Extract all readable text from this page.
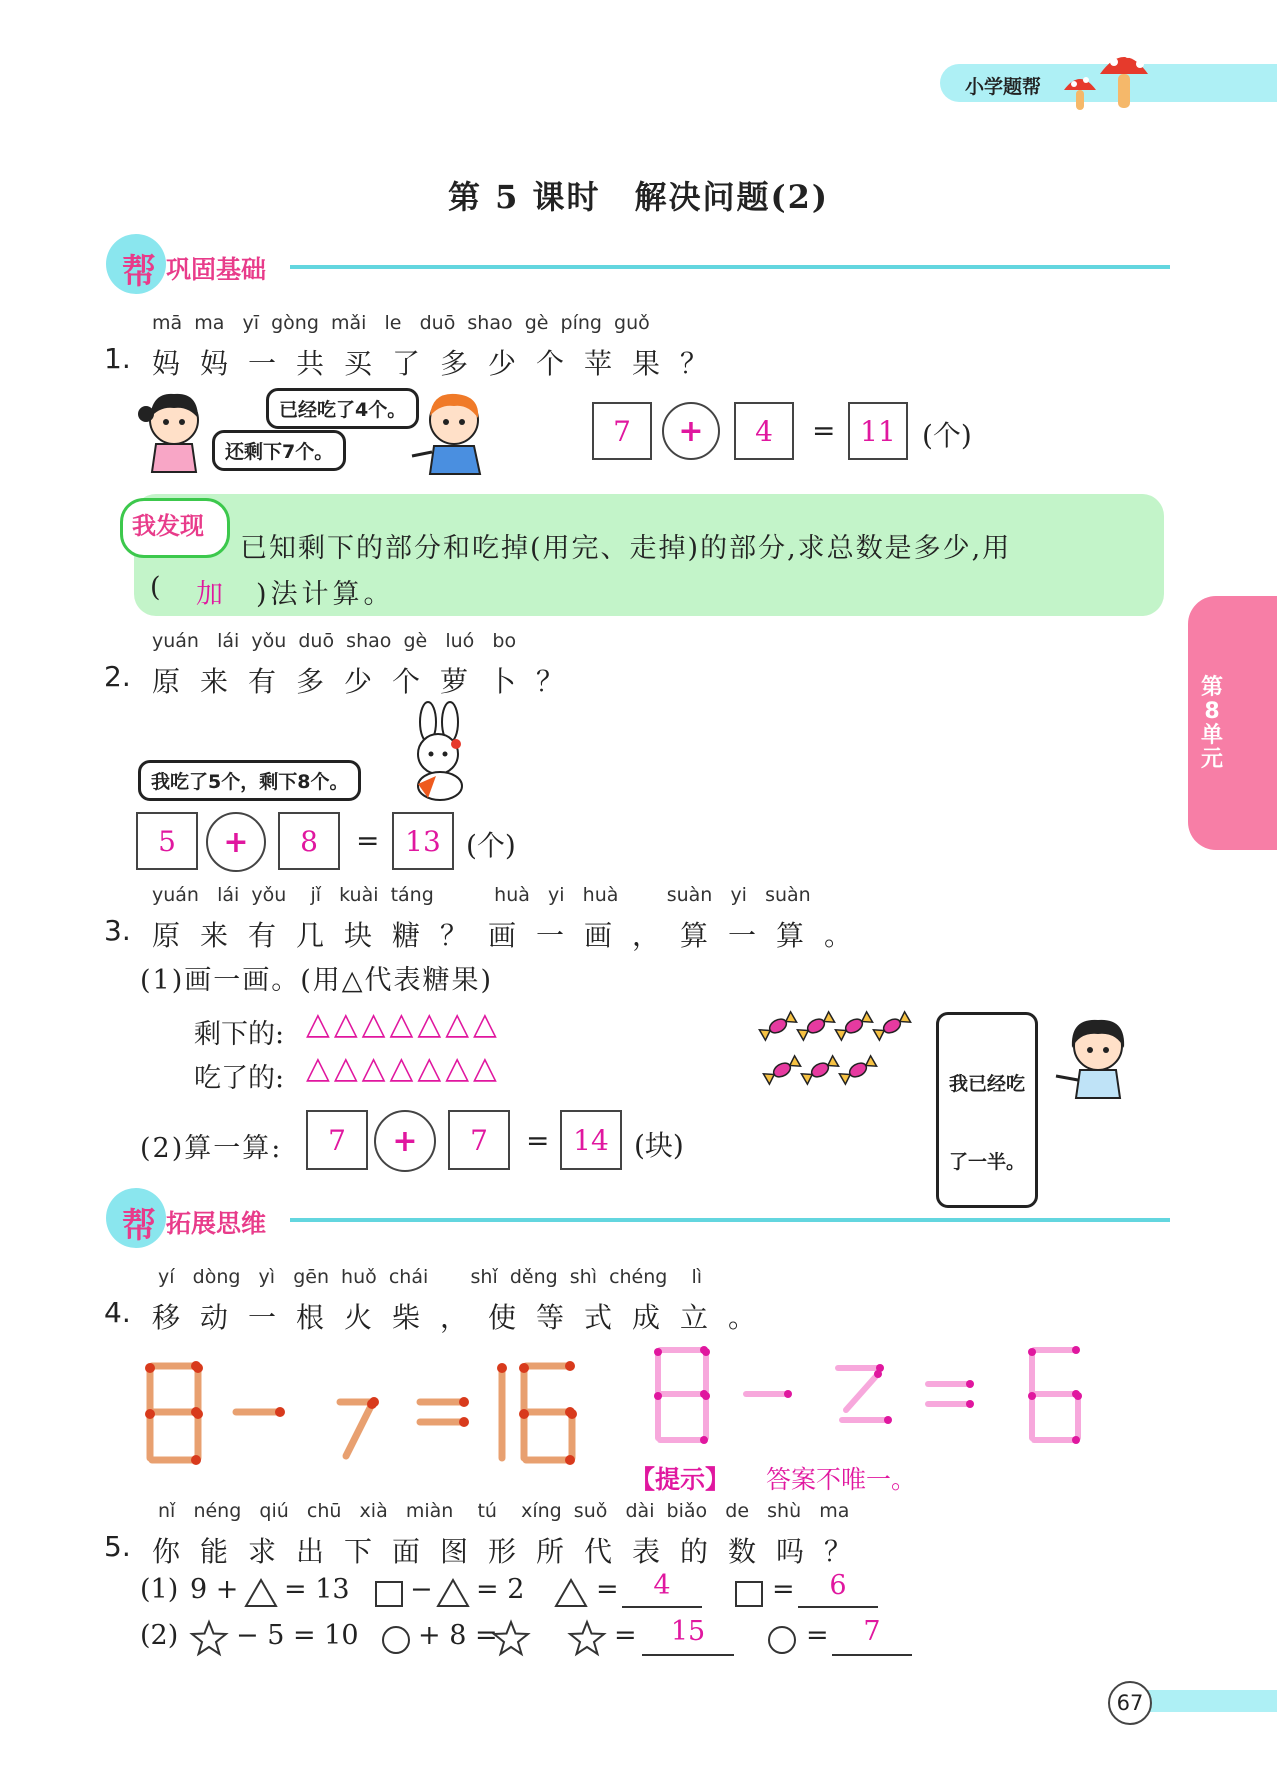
小学题帮
第 5 课时　解决问题(2)
帮 巩固基础
mā  ma   yī  gòng  mǎi   le   duō  shao  gè  píng  guǒ
1. 妈妈一共买了多少个苹果？
还剩下7个。
已经吃了4个。
7	+	4	= 11 (个)
我发现
已知剩下的部分和吃掉(用完、走掉)的部分,求总数是多少,用
( 加 )法计算。
第8单元
yuán   lái  yǒu  duō  shao  gè   luó   bo
2. 原来有多少个萝卜？
我吃了5个，剩下8个。
5	+	8	= 13 (个)
yuán   lái  yǒu    jǐ   kuài  táng          huà   yi   huà        suàn   yi   suàn
3. 原来有几块糖？画一画，算一算。
(1)画一画。(用△代表糖果)
剩下的: △△△△△△△
吃了的: △△△△△△△

	我已经吃

了一半。

(2)算一算:	7	+	7	= 14 (块)
帮 拓展思维
yí   dòng   yì   gēn  huǒ  chái       shǐ  děng  shì  chéng    lì
4. 移动一根火柴，使等式成立。
【提示】 答案不唯一。
nǐ   néng   qiú   chū   xià   miàn    tú    xíng  suǒ   dài  biǎo   de   shù   ma
5. 你能求出下面图形所代表的数吗？
(1) 9 + = 13 − = 2	=	4	=	6
(2) − 5 = 10 + 8 =	=	15	=	7
67
